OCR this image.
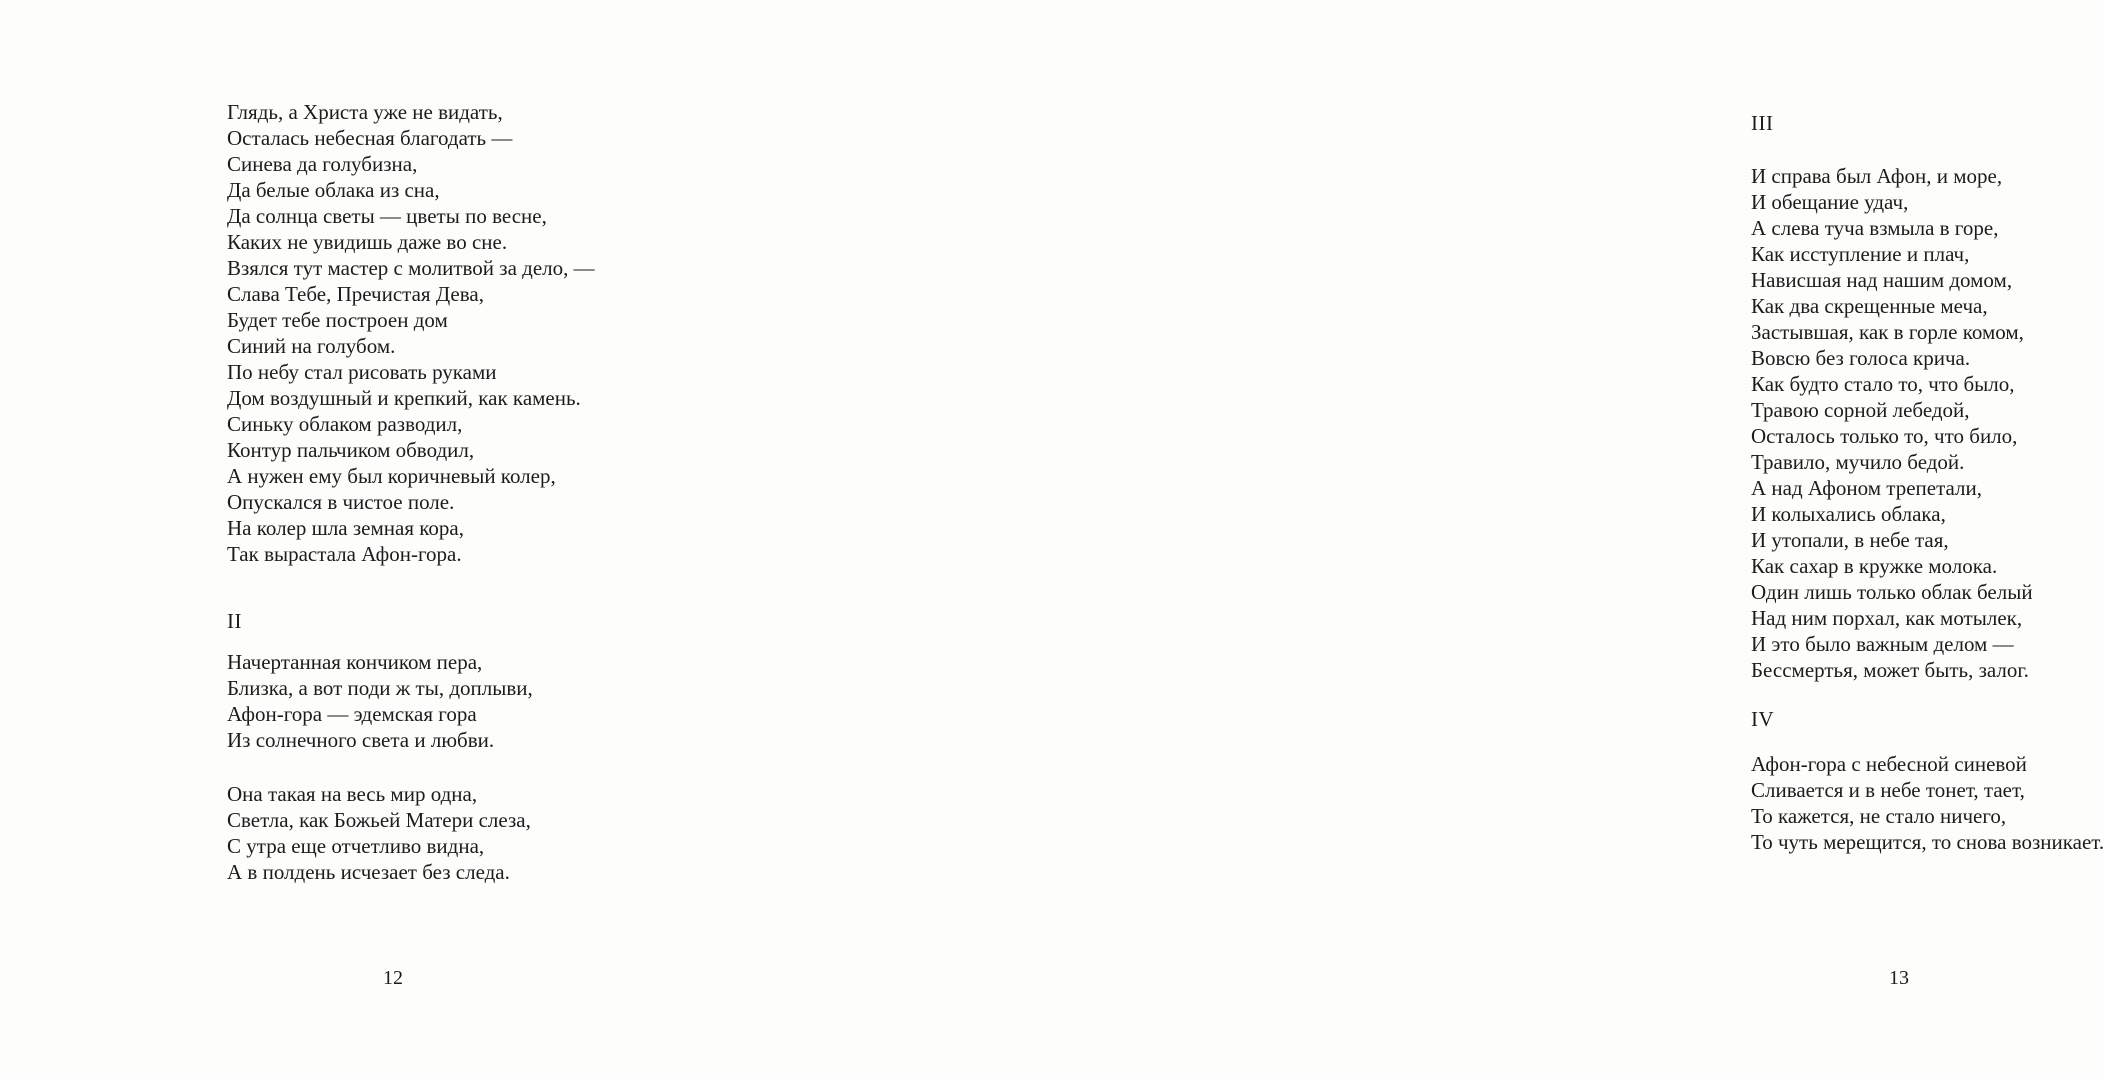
Глядь, а Христа уже не видать,
Осталась небесная благодать —
Синева да голубизна,
Да белые облака из сна,
Да солнца светы — цветы по весне,
Каких не увидишь даже во сне.
Взялся тут мастер с молитвой за дело, —
Слава Тебе, Пречистая Дева,
Будет тебе построен дом
Синий на голубом.
По небу стал рисовать руками
Дом воздушный и крепкий, как камень.
Синьку облаком разводил,
Контур пальчиком обводил,
А нужен ему был коричневый колер,
Опускался в чистое поле.
На колер шла земная кора,
Так вырастала Афон-гора.
II
Начертанная кончиком пера,
Близка, а вот поди ж ты, доплыви,
Афон-гора — эдемская гора
Из солнечного света и любви.
Она такая на весь мир одна,
Светла, как Божьей Матери слеза,
С утра еще отчетливо видна,
А в полдень исчезает без следа.
12
III
И справа был Афон, и море,
И обещание удач,
А слева туча взмыла в горе,
Как исступление и плач,
Нависшая над нашим домом,
Как два скрещенные меча,
Застывшая, как в горле комом,
Вовсю без голоса крича.
Как будто стало то, что было,
Травою сорной лебедой,
Осталось только то, что било,
Травило, мучило бедой.
А над Афоном трепетали,
И колыхались облака,
И утопали, в небе тая,
Как сахар в кружке молока.
Один лишь только облак белый
Над ним порхал, как мотылек,
И это было важным делом —
Бессмертья, может быть, залог.
IV
Афон-гора с небесной синевой
Сливается и в небе тонет, тает,
То кажется, не стало ничего,
То чуть мерещится, то снова возникает.
13
